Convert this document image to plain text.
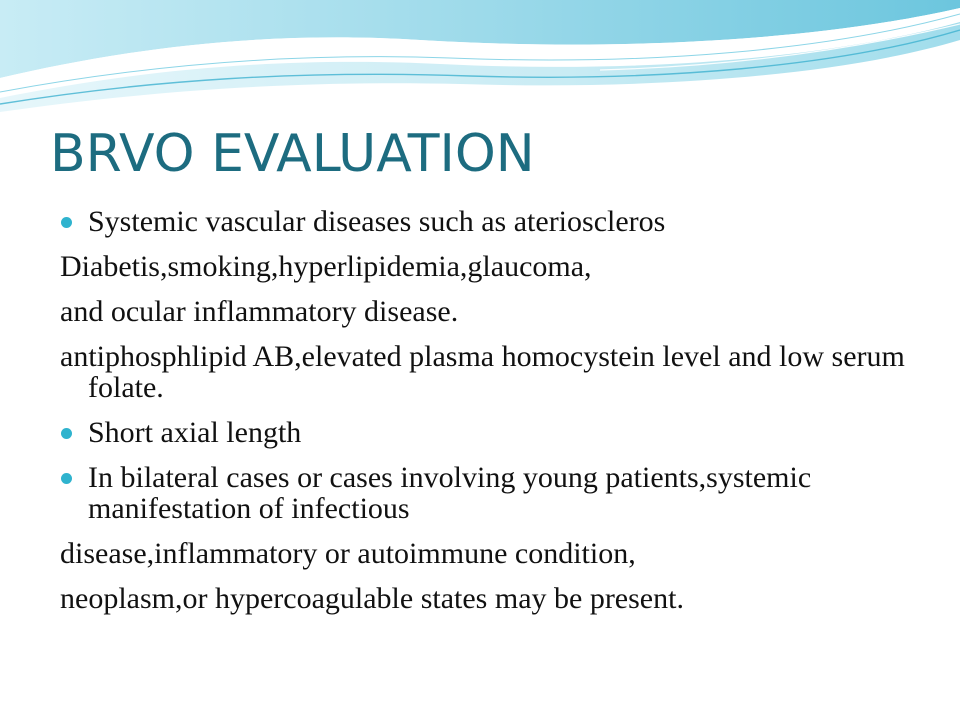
BRVO EVALUATION
Systemic vascular diseases such as aterioscleros
Diabetis,smoking,hyperlipidemia,glaucoma,
and ocular inflammatory disease.
antiphosphlipid AB,elevated plasma homocystein level and low serum folate.
Short axial length
In bilateral cases or cases involving young patients,systemic manifestation of infectious
disease,inflammatory or autoimmune condition,
neoplasm,or hypercoagulable states may be present.
